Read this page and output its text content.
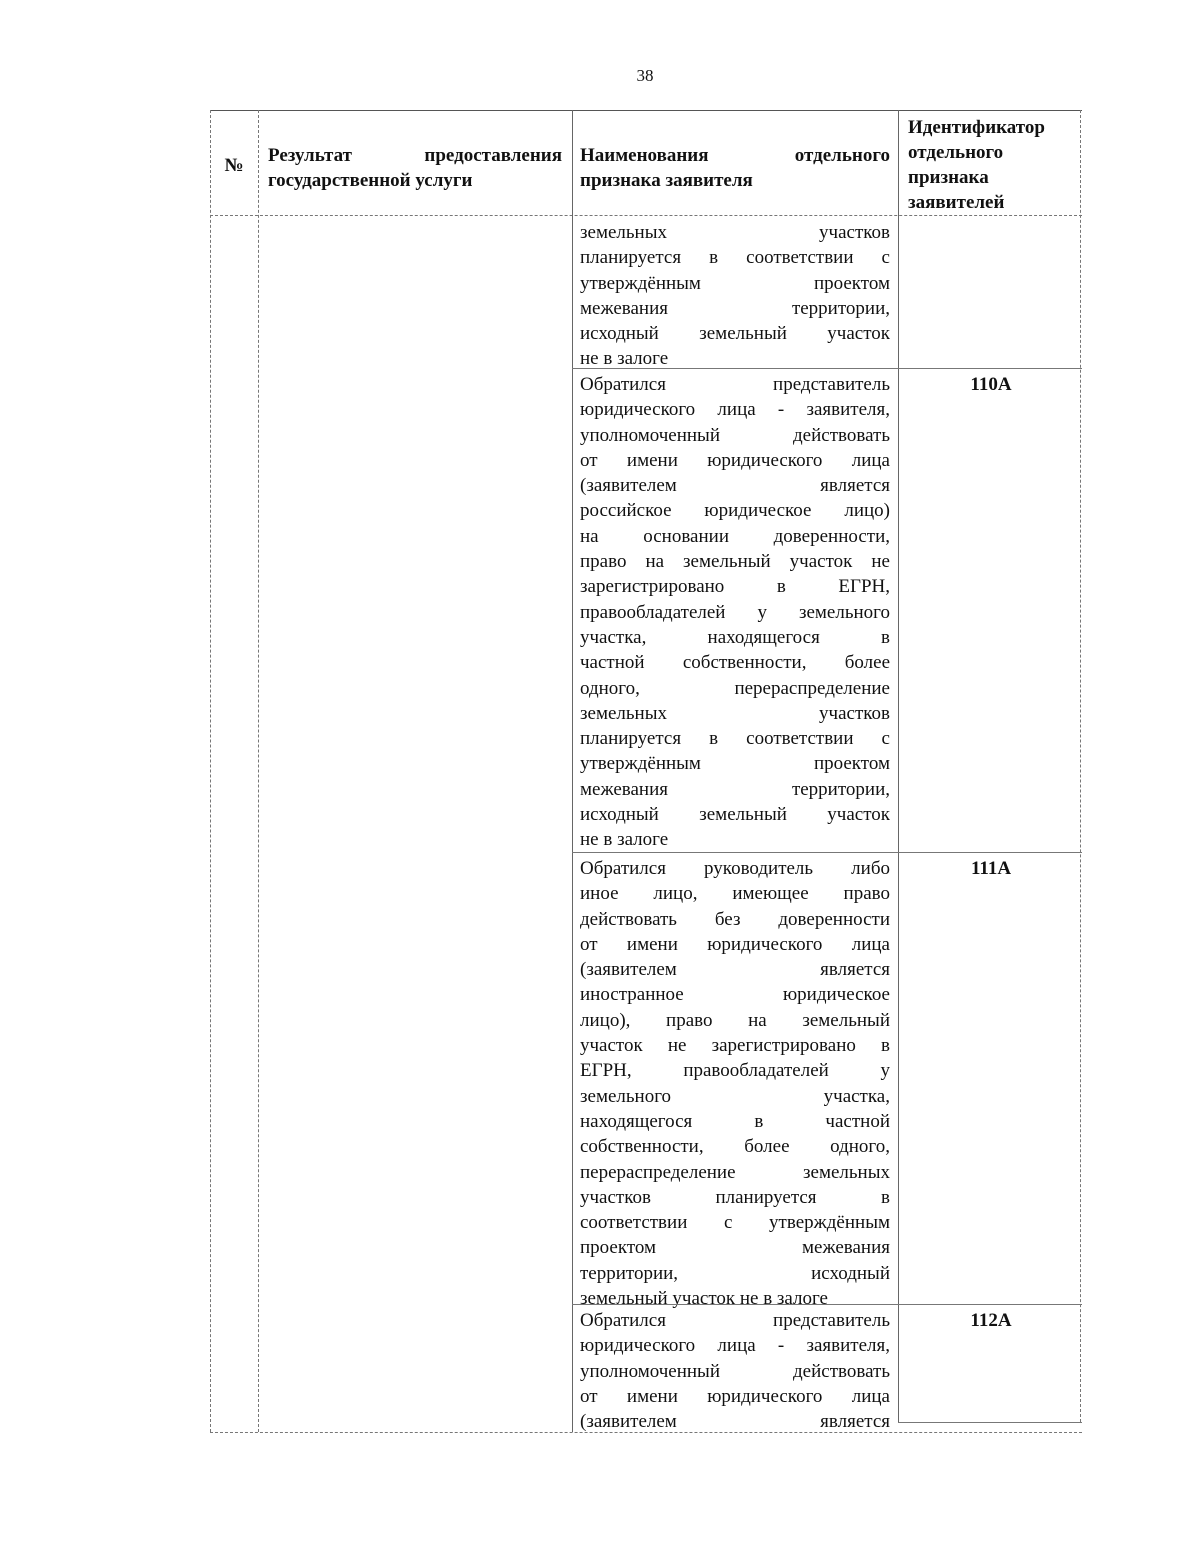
38
№	Результат предоставления государственной услуги
Наименования отдельного признака заявителя
Идентификатор отдельного признака заявителей
земельных участков
планируется в соответствии с
утверждённым проектом
межевания территории,
исходный земельный участок
не в залоге
Обратился представитель
юридического лица - заявителя,
уполномоченный действовать
от имени юридического лица
(заявителем является
российское юридическое лицо)
на основании доверенности,
право на земельный участок не
зарегистрировано в ЕГРН,
правообладателей у земельного
участка, находящегося в
частной собственности, более
одного, перераспределение
земельных участков
планируется в соответствии с
утверждённым проектом
межевания территории,
исходный земельный участок
не в залоге
110А
Обратился руководитель либо
иное лицо, имеющее право
действовать без доверенности
от имени юридического лица
(заявителем является
иностранное юридическое
лицо), право на земельный
участок не зарегистрировано в
ЕГРН, правообладателей у
земельного участка,
находящегося в частной
собственности, более одного,
перераспределение земельных
участков планируется в
соответствии с утверждённым
проектом межевания
территории, исходный
земельный участок не в залоге
111А
Обратился представитель
юридического лица - заявителя,
уполномоченный действовать
от имени юридического лица
(заявителем является
112А
